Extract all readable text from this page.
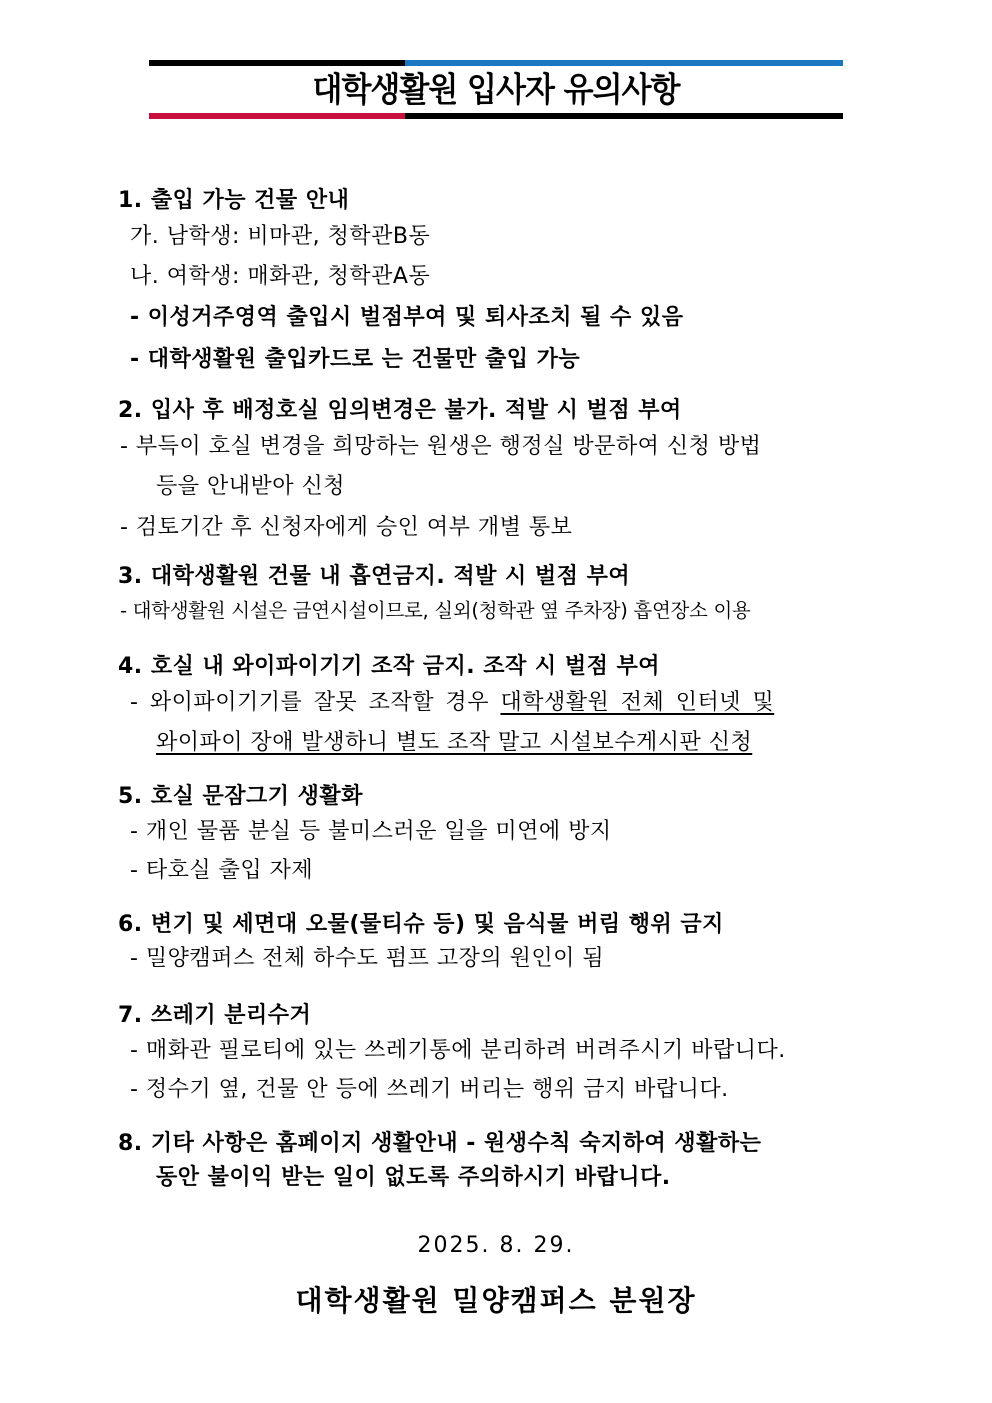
대학생활원 입사자 유의사항
1. 출입 가능 건물 안내
가. 남학생: 비마관, 청학관B동
나. 여학생: 매화관, 청학관A동
- 이성거주영역 출입시 벌점부여 및 퇴사조치 될 수 있음
- 대학생활원 출입카드로 는 건물만 출입 가능
2. 입사 후 배정호실 임의변경은 불가. 적발 시 벌점 부여
- 부득이 호실 변경을 희망하는 원생은 행정실 방문하여 신청 방법
등을 안내받아 신청
- 검토기간 후 신청자에게 승인 여부 개별 통보
3. 대학생활원 건물 내 흡연금지. 적발 시 벌점 부여
- 대학생활원 시설은 금연시설이므로, 실외(청학관 옆 주차장) 흡연장소 이용
4. 호실 내 와이파이기기 조작 금지. 조작 시 벌점 부여
- 와이파이기기를 잘못 조작할 경우 대학생활원 전체 인터넷 및
와이파이 장애 발생하니 별도 조작 말고 시설보수게시판 신청
5. 호실 문잠그기 생활화
- 개인 물품 분실 등 불미스러운 일을 미연에 방지
- 타호실 출입 자제
6. 변기 및 세면대 오물(물티슈 등) 및 음식물 버림 행위 금지
- 밀양캠퍼스 전체 하수도 펌프 고장의 원인이 됨
7. 쓰레기 분리수거
- 매화관 필로티에 있는 쓰레기통에 분리하려 버려주시기 바랍니다.
- 정수기 옆, 건물 안 등에 쓰레기 버리는 행위 금지 바랍니다.
8. 기타 사항은 홈페이지 생활안내 - 원생수칙 숙지하여 생활하는
동안 불이익 받는 일이 없도록 주의하시기 바랍니다.
2025. 8. 29.
대학생활원 밀양캠퍼스 분원장
